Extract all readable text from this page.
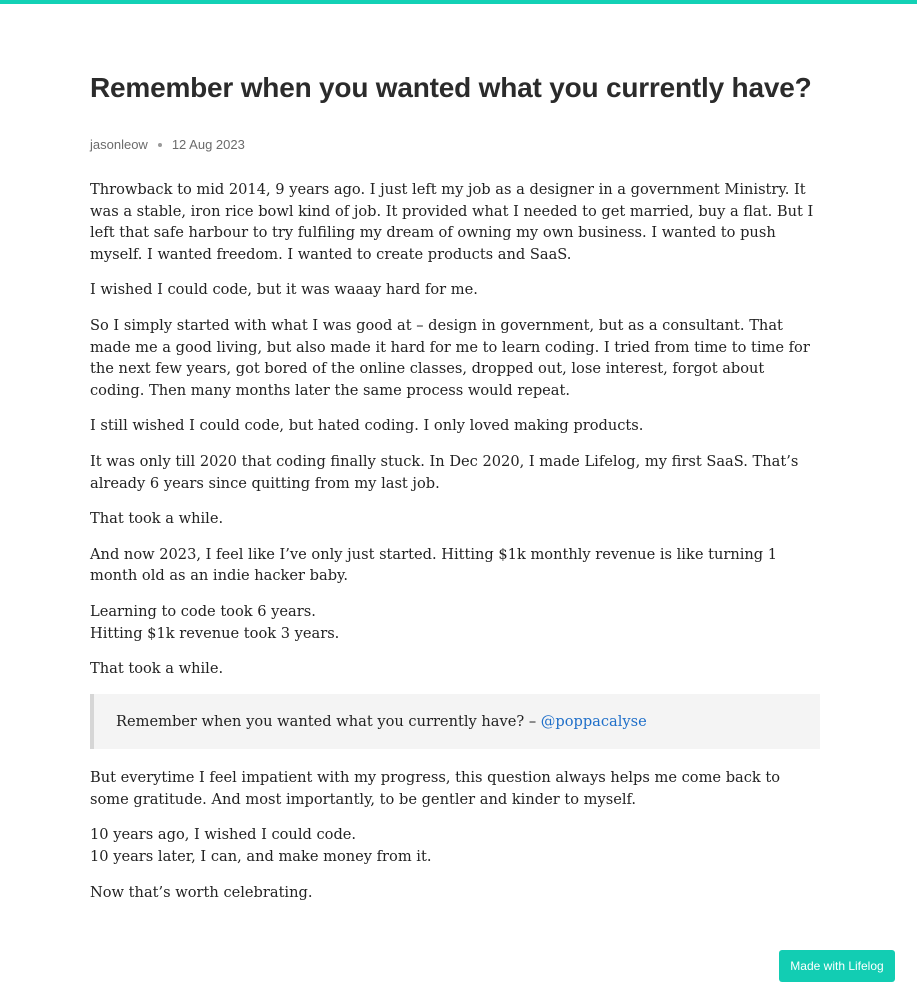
Remember when you wanted what you currently have?
jasonleow 12 Aug 2023

Throwback to mid 2014, 9 years ago. I just left my job as a designer in a government Ministry. It was a stable, iron rice bowl kind of job. It provided what I needed to get married, buy a flat. But I left that safe harbour to try fulfiling my dream of owning my own business. I wanted to push myself. I wanted freedom. I wanted to create products and SaaS.

I wished I could code, but it was waaay hard for me.

So I simply started with what I was good at – design in government, but as a consultant. That made me a good living, but also made it hard for me to learn coding. I tried from time to time for the next few years, got bored of the online classes, dropped out, lose interest, forgot about coding. Then many months later the same process would repeat.

I still wished I could code, but hated coding. I only loved making products.

It was only till 2020 that coding finally stuck. In Dec 2020, I made Lifelog, my first SaaS. That’s already 6 years since quitting from my last job.

That took a while.

And now 2023, I feel like I’ve only just started. Hitting $1k monthly revenue is like turning 1 month old as an indie hacker baby.

Learning to code took 6 years.
Hitting $1k revenue took 3 years.

That took a while.

Remember when you wanted what you currently have? – @poppacalyse

But everytime I feel impatient with my progress, this question always helps me come back to some gratitude. And most importantly, to be gentler and kinder to myself.

10 years ago, I wished I could code.
10 years later, I can, and make money from it.

Now that’s worth celebrating.

Made with Lifelog
